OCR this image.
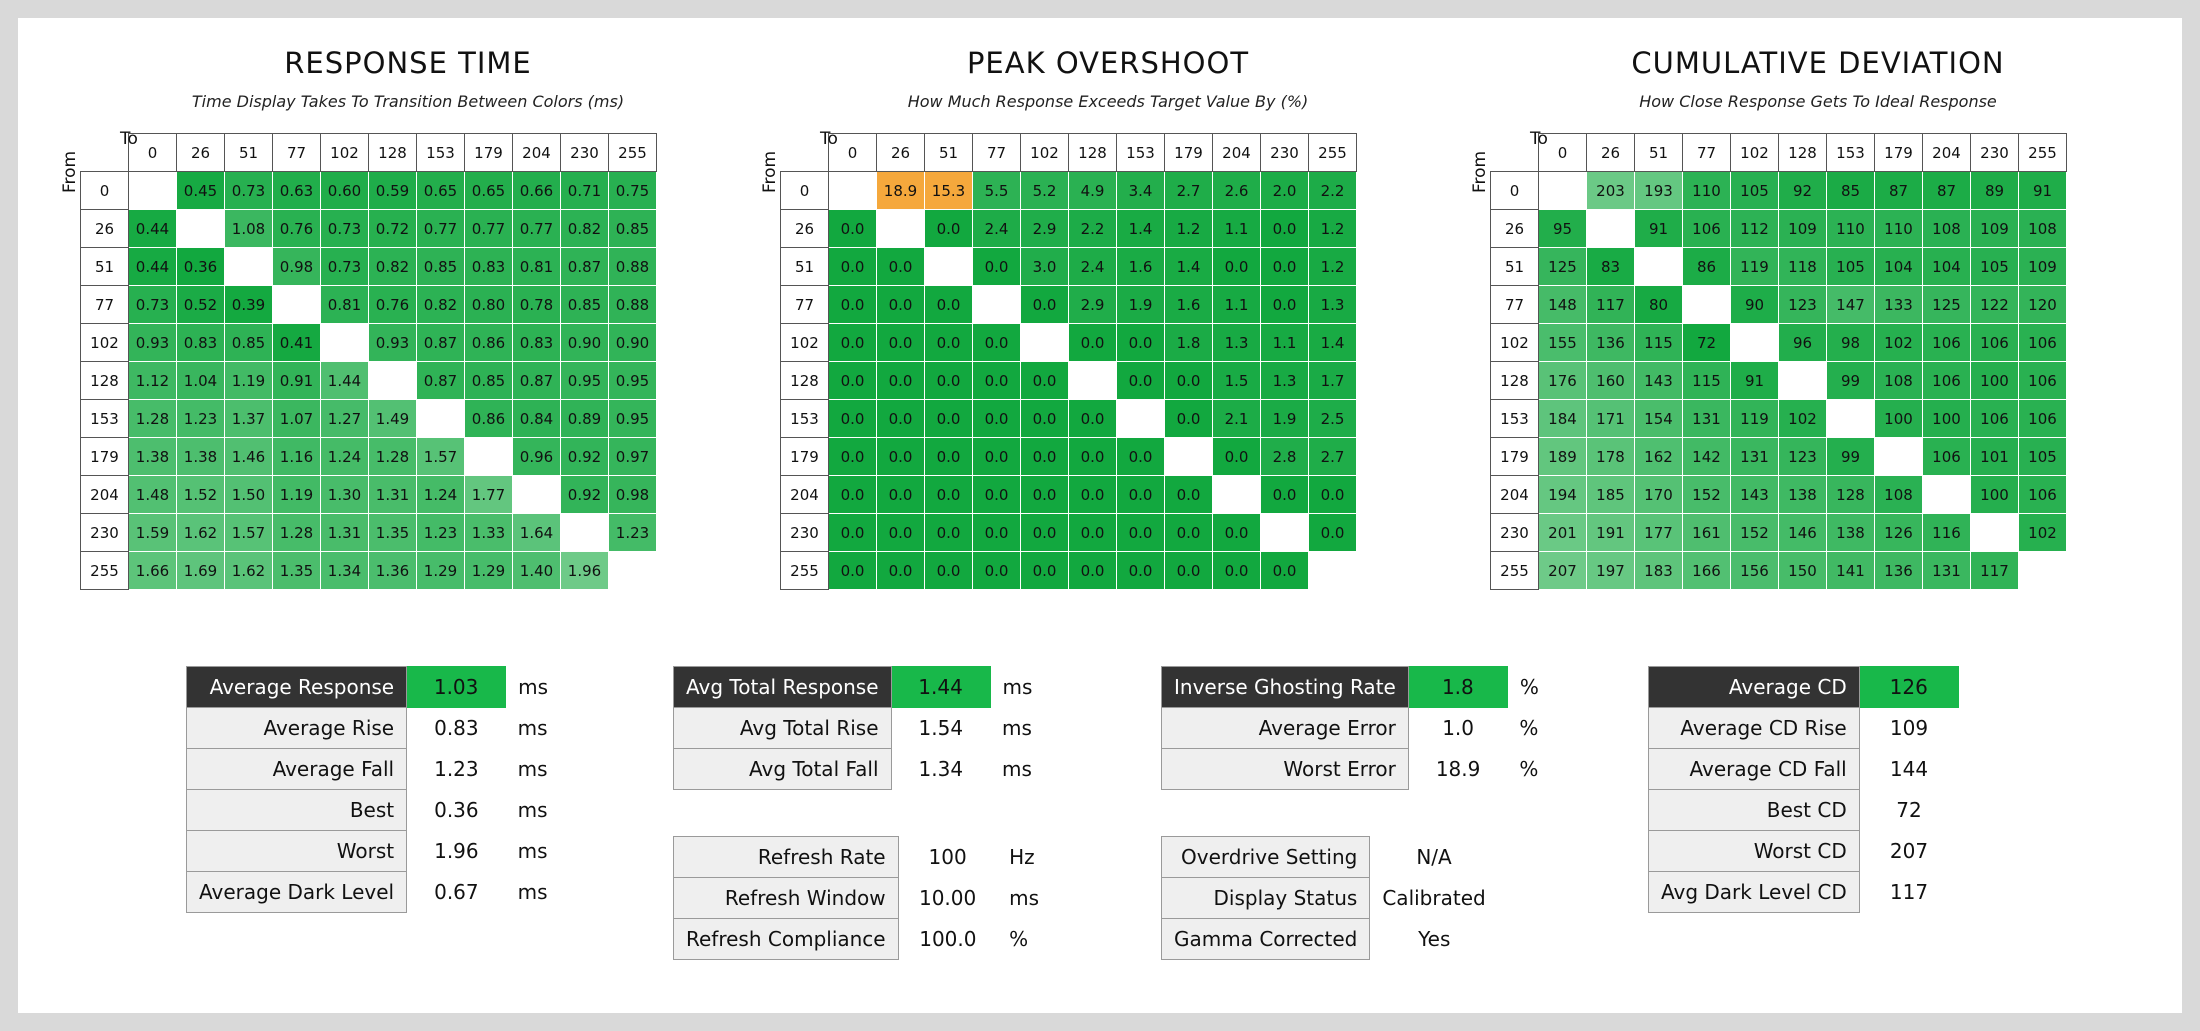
RESPONSE TIME
Time Display Takes To Transition Between Colors (ms)
To
From
		0	26	51	77	102	128	153	179	204	230	255
0		0.45	0.73	0.63	0.60	0.59	0.65	0.65	0.66	0.71	0.75
26	0.44		1.08	0.76	0.73	0.72	0.77	0.77	0.77	0.82	0.85
51	0.44	0.36		0.98	0.73	0.82	0.85	0.83	0.81	0.87	0.88
77	0.73	0.52	0.39		0.81	0.76	0.82	0.80	0.78	0.85	0.88
102	0.93	0.83	0.85	0.41		0.93	0.87	0.86	0.83	0.90	0.90
128	1.12	1.04	1.19	0.91	1.44		0.87	0.85	0.87	0.95	0.95
153	1.28	1.23	1.37	1.07	1.27	1.49		0.86	0.84	0.89	0.95
179	1.38	1.38	1.46	1.16	1.24	1.28	1.57		0.96	0.92	0.97
204	1.48	1.52	1.50	1.19	1.30	1.31	1.24	1.77		0.92	0.98
230	1.59	1.62	1.57	1.28	1.31	1.35	1.23	1.33	1.64		1.23
255	1.66	1.69	1.62	1.35	1.34	1.36	1.29	1.29	1.40	1.96	
PEAK OVERSHOOT
How Much Response Exceeds Target Value By (%)
To
From
		0	26	51	77	102	128	153	179	204	230	255
0		18.9	15.3	5.5	5.2	4.9	3.4	2.7	2.6	2.0	2.2
26	0.0		0.0	2.4	2.9	2.2	1.4	1.2	1.1	0.0	1.2
51	0.0	0.0		0.0	3.0	2.4	1.6	1.4	0.0	0.0	1.2
77	0.0	0.0	0.0		0.0	2.9	1.9	1.6	1.1	0.0	1.3
102	0.0	0.0	0.0	0.0		0.0	0.0	1.8	1.3	1.1	1.4
128	0.0	0.0	0.0	0.0	0.0		0.0	0.0	1.5	1.3	1.7
153	0.0	0.0	0.0	0.0	0.0	0.0		0.0	2.1	1.9	2.5
179	0.0	0.0	0.0	0.0	0.0	0.0	0.0		0.0	2.8	2.7
204	0.0	0.0	0.0	0.0	0.0	0.0	0.0	0.0		0.0	0.0
230	0.0	0.0	0.0	0.0	0.0	0.0	0.0	0.0	0.0		0.0
255	0.0	0.0	0.0	0.0	0.0	0.0	0.0	0.0	0.0	0.0	
CUMULATIVE DEVIATION
How Close Response Gets To Ideal Response
To
From
		0	26	51	77	102	128	153	179	204	230	255
0		203	193	110	105	92	85	87	87	89	91
26	95		91	106	112	109	110	110	108	109	108
51	125	83		86	119	118	105	104	104	105	109
77	148	117	80		90	123	147	133	125	122	120
102	155	136	115	72		96	98	102	106	106	106
128	176	160	143	115	91		99	108	106	100	106
153	184	171	154	131	119	102		100	100	106	106
179	189	178	162	142	131	123	99		106	101	105
204	194	185	170	152	143	138	128	108		100	106
230	201	191	177	161	152	146	138	126	116		102
255	207	197	183	166	156	150	141	136	131	117	
Average Response	1.03	ms
Average Rise	0.83	ms
Average Fall	1.23	ms
Best	0.36	ms
Worst	1.96	ms
Average Dark Level	0.67	ms
Avg Total Response	1.44	ms
Avg Total Rise	1.54	ms
Avg Total Fall	1.34	ms
Refresh Rate	100	Hz
Refresh Window	10.00	ms
Refresh Compliance	100.0	%
Inverse Ghosting Rate	1.8	%
Average Error	1.0	%
Worst Error	18.9	%
Overdrive Setting	N/A	
Display Status	Calibrated	
Gamma Corrected	Yes	
Average CD	126	
Average CD Rise	109	
Average CD Fall	144	
Best CD	72	
Worst CD	207	
Avg Dark Level CD	117	
